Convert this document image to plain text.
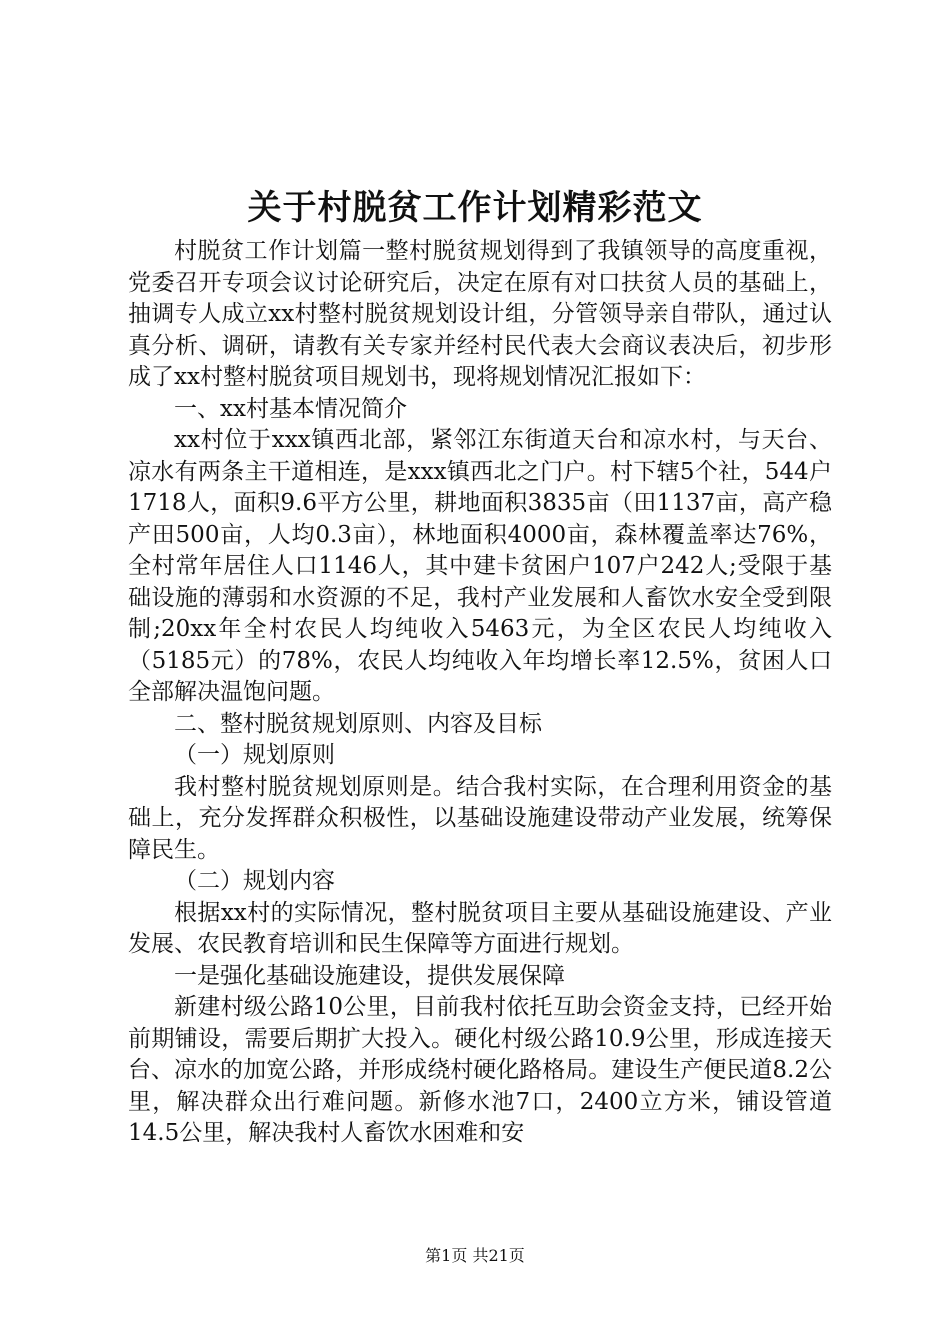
关于村脱贫工作计划精彩范文

村脱贫工作计划篇一整村脱贫规划得到了我镇领导的高度重视，党委召开专项会议讨论研究后，决定在原有对口扶贫人员的基础上，抽调专人成立xx村整村脱贫规划设计组，分管领导亲自带队，通过认真分析、调研，请教有关专家并经村民代表大会商议表决后，初步形成了xx村整村脱贫项目规划书，现将规划情况汇报如下：

一、xx村基本情况简介

xx村位于xxx镇西北部，紧邻江东街道天台和凉水村，与天台、凉水有两条主干道相连，是xxx镇西北之门户。村下辖5个社，544户1718人，面积9.6平方公里，耕地面积3835亩（田1137亩，高产稳产田500亩，人均0.3亩），林地面积4000亩，森林覆盖率达76%，全村常年居住人口1146人，其中建卡贫困户107户242人;受限于基础设施的薄弱和水资源的不足，我村产业发展和人畜饮水安全受到限制;20xx年全村农民人均纯收入5463元，为全区农民人均纯收入（5185元）的78%，农民人均纯收入年均增长率12.5%，贫困人口全部解决温饱问题。

二、整村脱贫规划原则、内容及目标

（一）规划原则

我村整村脱贫规划原则是。结合我村实际，在合理利用资金的基础上，充分发挥群众积极性，以基础设施建设带动产业发展，统筹保障民生。

（二）规划内容

根据xx村的实际情况，整村脱贫项目主要从基础设施建设、产业发展、农民教育培训和民生保障等方面进行规划。

一是强化基础设施建设，提供发展保障

新建村级公路10公里，目前我村依托互助会资金支持，已经开始前期铺设，需要后期扩大投入。硬化村级公路10.9公里，形成连接天台、凉水的加宽公路，并形成绕村硬化路格局。建设生产便民道8.2公里，解决群众出行难问题。新修水池7口，2400立方米，铺设管道14.5公里，解决我村人畜饮水困难和安

第1页 共21页
